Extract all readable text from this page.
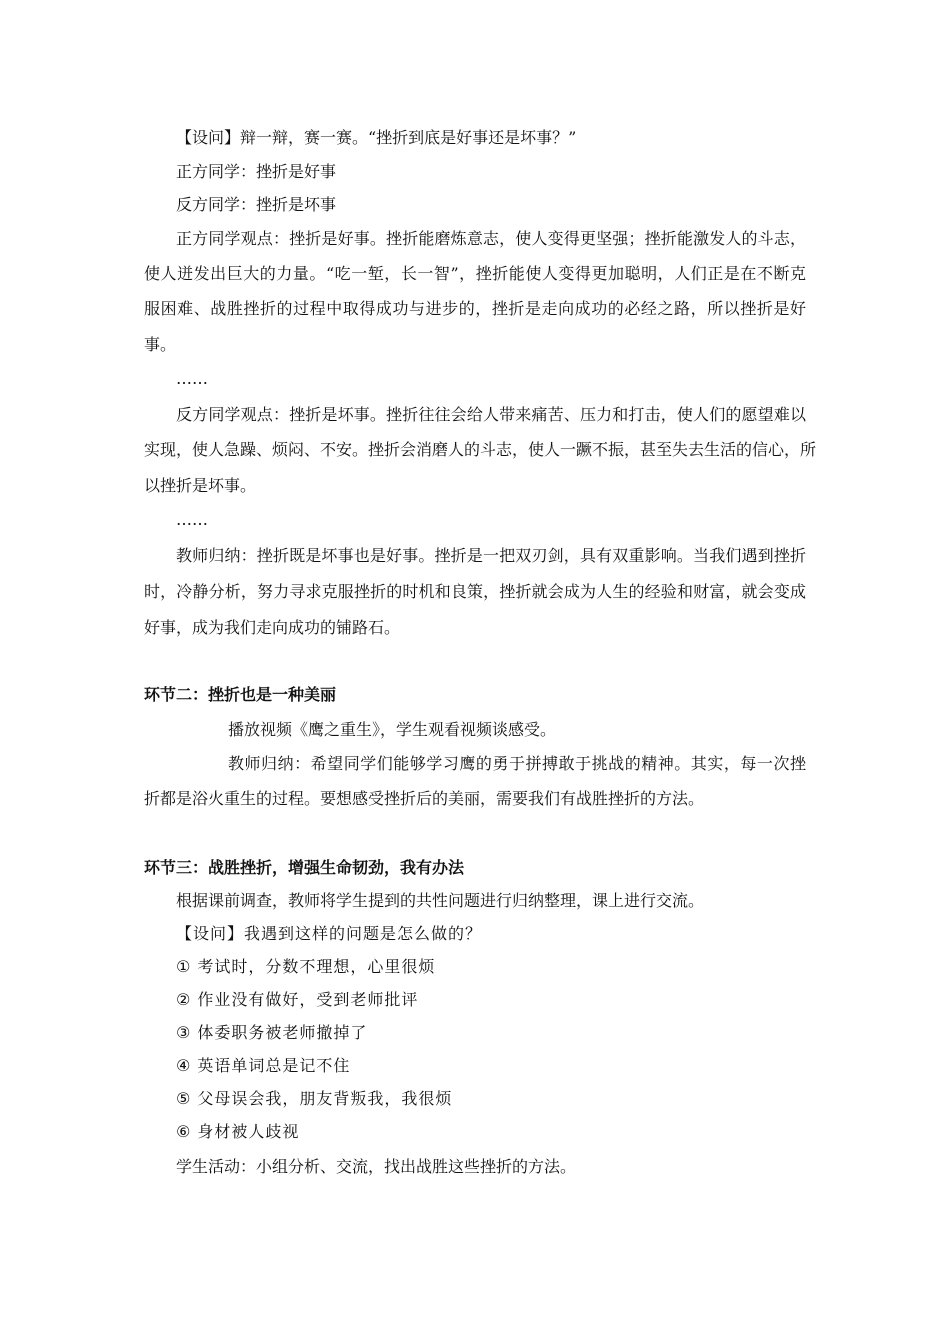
【设问】辩一辩，赛一赛。“挫折到底是好事还是坏事？”

正方同学：挫折是好事

反方同学：挫折是坏事

正方同学观点：挫折是好事。挫折能磨炼意志，使人变得更坚强；挫折能激发人的斗志，

使人迸发出巨大的力量。“吃一堑，长一智”，挫折能使人变得更加聪明，人们正是在不断克

服困难、战胜挫折的过程中取得成功与进步的，挫折是走向成功的必经之路，所以挫折是好

事。

……

反方同学观点：挫折是坏事。挫折往往会给人带来痛苦、压力和打击，使人们的愿望难以

实现，使人急躁、烦闷、不安。挫折会消磨人的斗志，使人一蹶不振，甚至失去生活的信心，所

以挫折是坏事。

……

教师归纳：挫折既是坏事也是好事。挫折是一把双刃剑，具有双重影响。当我们遇到挫折

时，冷静分析，努力寻求克服挫折的时机和良策，挫折就会成为人生的经验和财富，就会变成

好事，成为我们走向成功的铺路石。

环节二：挫折也是一种美丽

播放视频《鹰之重生》，学生观看视频谈感受。

教师归纳：希望同学们能够学习鹰的勇于拼搏敢于挑战的精神。其实，每一次挫

折都是浴火重生的过程。要想感受挫折后的美丽，需要我们有战胜挫折的方法。

环节三：战胜挫折，增强生命韧劲，我有办法

根据课前调查，教师将学生提到的共性问题进行归纳整理，课上进行交流。

【设问】我遇到这样的问题是怎么做的？

① 考试时，分数不理想，心里很烦

② 作业没有做好，受到老师批评

③ 体委职务被老师撤掉了

④ 英语单词总是记不住

⑤ 父母误会我，朋友背叛我，我很烦

⑥ 身材被人歧视

学生活动：小组分析、交流，找出战胜这些挫折的方法。
